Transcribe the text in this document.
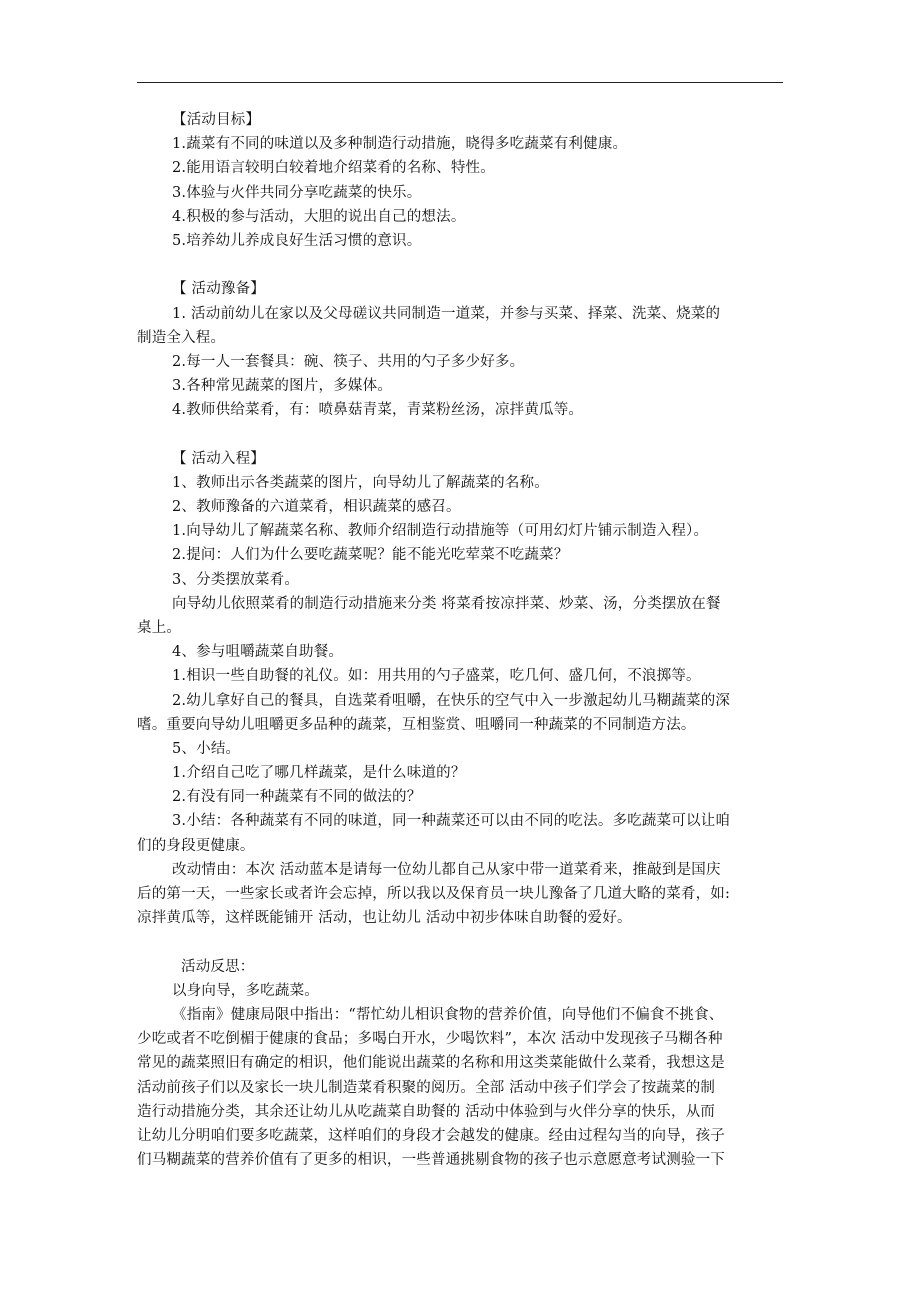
【活动目标】
1.蔬菜有不同的味道以及多种制造行动措施，晓得多吃蔬菜有利健康。
2.能用语言较明白较着地介绍菜肴的名称、特性。
3.体验与火伴共同分享吃蔬菜的快乐。
4.积极的参与活动，大胆的说出自己的想法。
5.培养幼儿养成良好生活习惯的意识。
【 活动豫备】
1. 活动前幼儿在家以及父母磋议共同制造一道菜，并参与买菜、择菜、洗菜、烧菜的
制造全入程。
2.每一人一套餐具：碗、筷子、共用的勺子多少好多。
3.各种常见蔬菜的图片，多媒体。
4.教师供给菜肴，有：喷鼻菇青菜，青菜粉丝汤，凉拌黄瓜等。
【 活动入程】
1、教师出示各类蔬菜的图片，向导幼儿了解蔬菜的名称。
2、教师豫备的六道菜肴，相识蔬菜的感召。
1.向导幼儿了解蔬菜名称、教师介绍制造行动措施等（可用幻灯片铺示制造入程）。
2.提问：人们为什么要吃蔬菜呢？能不能光吃荤菜不吃蔬菜？
3、分类摆放菜肴。
向导幼儿依照菜肴的制造行动措施来分类 将菜肴按凉拌菜、炒菜、汤，分类摆放在餐
桌上。
4、参与咀嚼蔬菜自助餐。
1.相识一些自助餐的礼仪。如：用共用的勺子盛菜，吃几何、盛几何，不浪掷等。
2.幼儿拿好自己的餐具，自选菜肴咀嚼，在快乐的空气中入一步激起幼儿马糊蔬菜的深
嗜。重要向导幼儿咀嚼更多品种的蔬菜，互相鉴赏、咀嚼同一种蔬菜的不同制造方法。
5、小结。
1.介绍自己吃了哪几样蔬菜，是什么味道的？
2.有没有同一种蔬菜有不同的做法的？
3.小结：各种蔬菜有不同的味道，同一种蔬菜还可以由不同的吃法。多吃蔬菜可以让咱
们的身段更健康。
改动情由：本次 活动蓝本是请每一位幼儿都自己从家中带一道菜肴来，推敲到是国庆
后的第一天，一些家长或者许会忘掉，所以我以及保育员一块儿豫备了几道大略的菜肴，如:
凉拌黄瓜等，这样既能铺开 活动，也让幼儿 活动中初步体味自助餐的爱好。
活动反思：
以身向导，多吃蔬菜。
《指南》健康局限中指出：“帮忙幼儿相识食物的营养价值，向导他们不偏食不挑食、
少吃或者不吃倒楣于健康的食品；多喝白开水，少喝饮料”，本次 活动中发现孩子马糊各种
常见的蔬菜照旧有确定的相识，他们能说出蔬菜的名称和用这类菜能做什么菜肴，我想这是
活动前孩子们以及家长一块儿制造菜肴积聚的阅历。全部 活动中孩子们学会了按蔬菜的制
造行动措施分类，其余还让幼儿从吃蔬菜自助餐的 活动中体验到与火伴分享的快乐，从而
让幼儿分明咱们要多吃蔬菜，这样咱们的身段才会越发的健康。经由过程勾当的向导，孩子
们马糊蔬菜的营养价值有了更多的相识，一些普通挑剔食物的孩子也示意愿意考试测验一下
